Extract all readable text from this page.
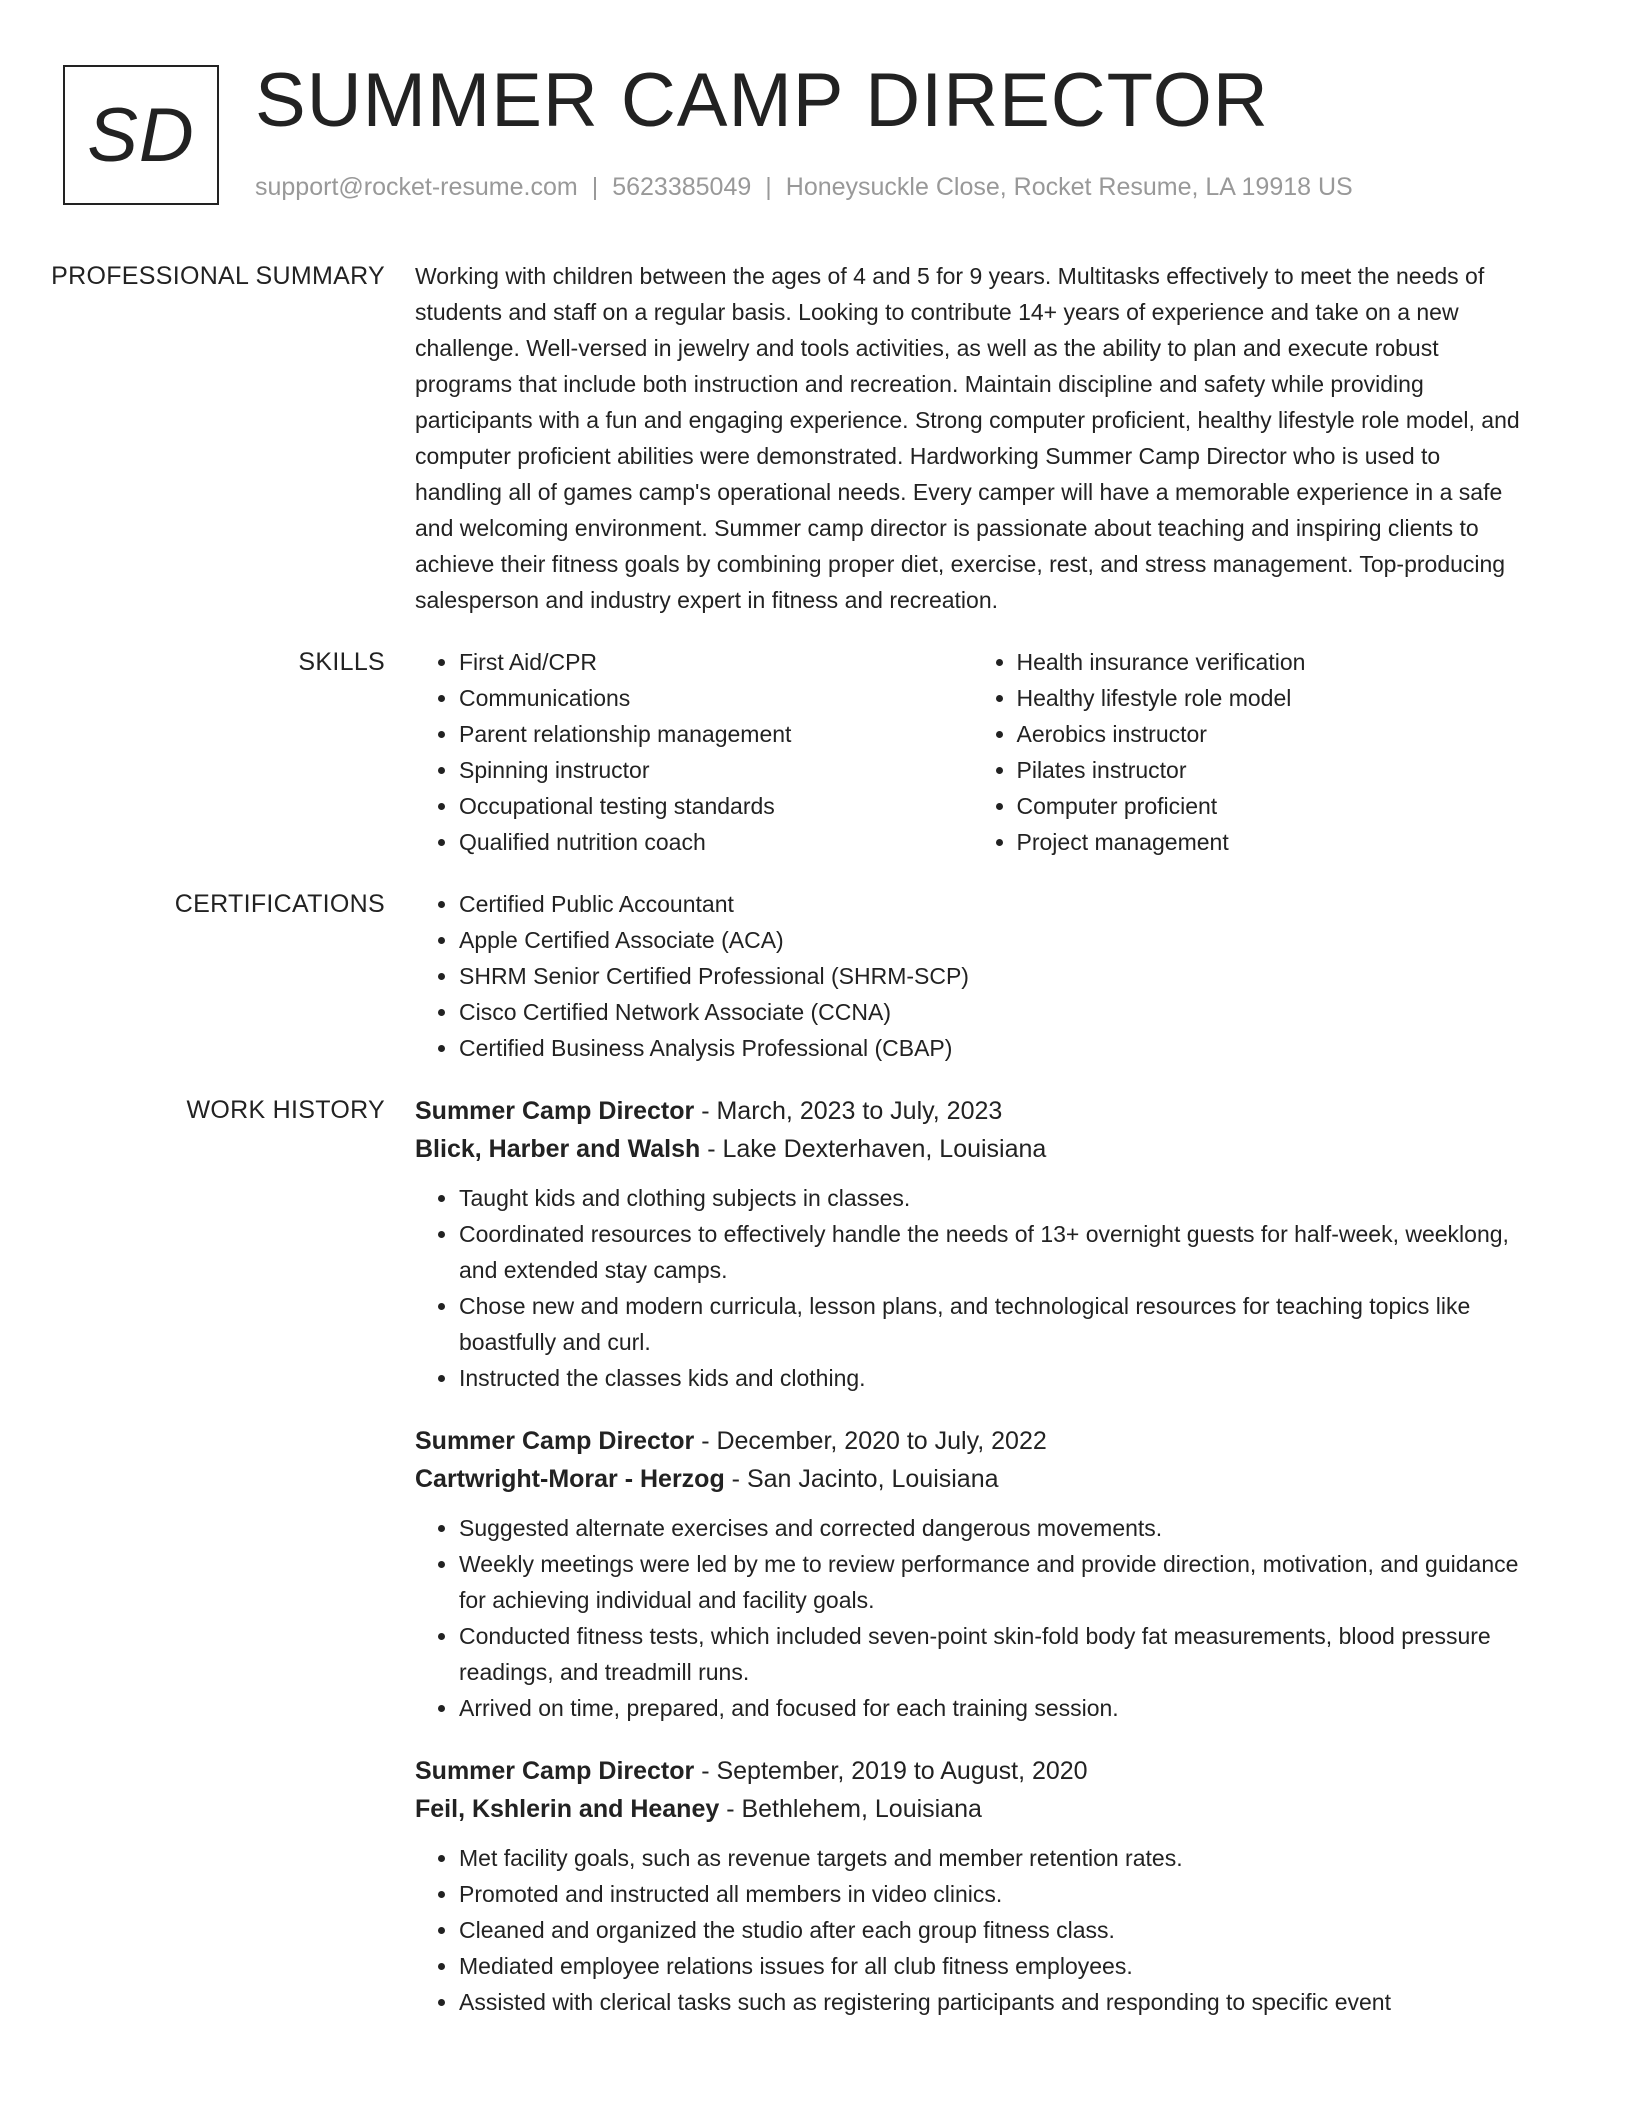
SD SUMMER CAMP DIRECTOR
support@rocket-resume.com | 5623385049 | Honeysuckle Close, Rocket Resume, LA 19918 US
PROFESSIONAL SUMMARY	Working with children between the ages of 4 and 5 for 9 years. Multitasks effectively to meet the needs of students and staff on a regular basis. Looking to contribute 14+ years of experience and take on a new challenge. Well-versed in jewelry and tools activities, as well as the ability to plan and execute robust programs that include both instruction and recreation. Maintain discipline and safety while providing participants with a fun and engaging experience. Strong computer proficient, healthy lifestyle role model, and computer proficient abilities were demonstrated. Hardworking Summer Camp Director who is used to handling all of games camp's operational needs. Every camper will have a memorable experience in a safe and welcoming environment. Summer camp director is passionate about teaching and inspiring clients to achieve their fitness goals by combining proper diet, exercise, rest, and stress management. Top-producing salesperson and industry expert in fitness and recreation.

SKILLS	• First Aid/CPR
• Communications
• Parent relationship management
• Spinning instructor
• Occupational testing standards
• Qualified nutrition coach
• Health insurance verification
• Healthy lifestyle role model
• Aerobics instructor
• Pilates instructor
• Computer proficient
• Project management
CERTIFICATIONS	• Certified Public Accountant
• Apple Certified Associate (ACA)
• SHRM Senior Certified Professional (SHRM-SCP)
• Cisco Certified Network Associate (CCNA)
• Certified Business Analysis Professional (CBAP)
WORK HISTORY	Summer Camp Director - March, 2023 to July, 2023
Blick, Harber and Walsh - Lake Dexterhaven, Louisiana
• Taught kids and clothing subjects in classes.
• Coordinated resources to effectively handle the needs of 13+ overnight guests for half-week, weeklong, and extended stay camps.
• Chose new and modern curricula, lesson plans, and technological resources for teaching topics like boastfully and curl.
• Instructed the classes kids and clothing.
Summer Camp Director - December, 2020 to July, 2022
Cartwright-Morar - Herzog - San Jacinto, Louisiana
• Suggested alternate exercises and corrected dangerous movements.
• Weekly meetings were led by me to review performance and provide direction, motivation, and guidance for achieving individual and facility goals.
• Conducted fitness tests, which included seven-point skin-fold body fat measurements, blood pressure readings, and treadmill runs.
• Arrived on time, prepared, and focused for each training session.
Summer Camp Director - September, 2019 to August, 2020
Feil, Kshlerin and Heaney - Bethlehem, Louisiana
• Met facility goals, such as revenue targets and member retention rates.
• Promoted and instructed all members in video clinics.
• Cleaned and organized the studio after each group fitness class.
• Mediated employee relations issues for all club fitness employees.
• Assisted with clerical tasks such as registering participants and responding to specific event
